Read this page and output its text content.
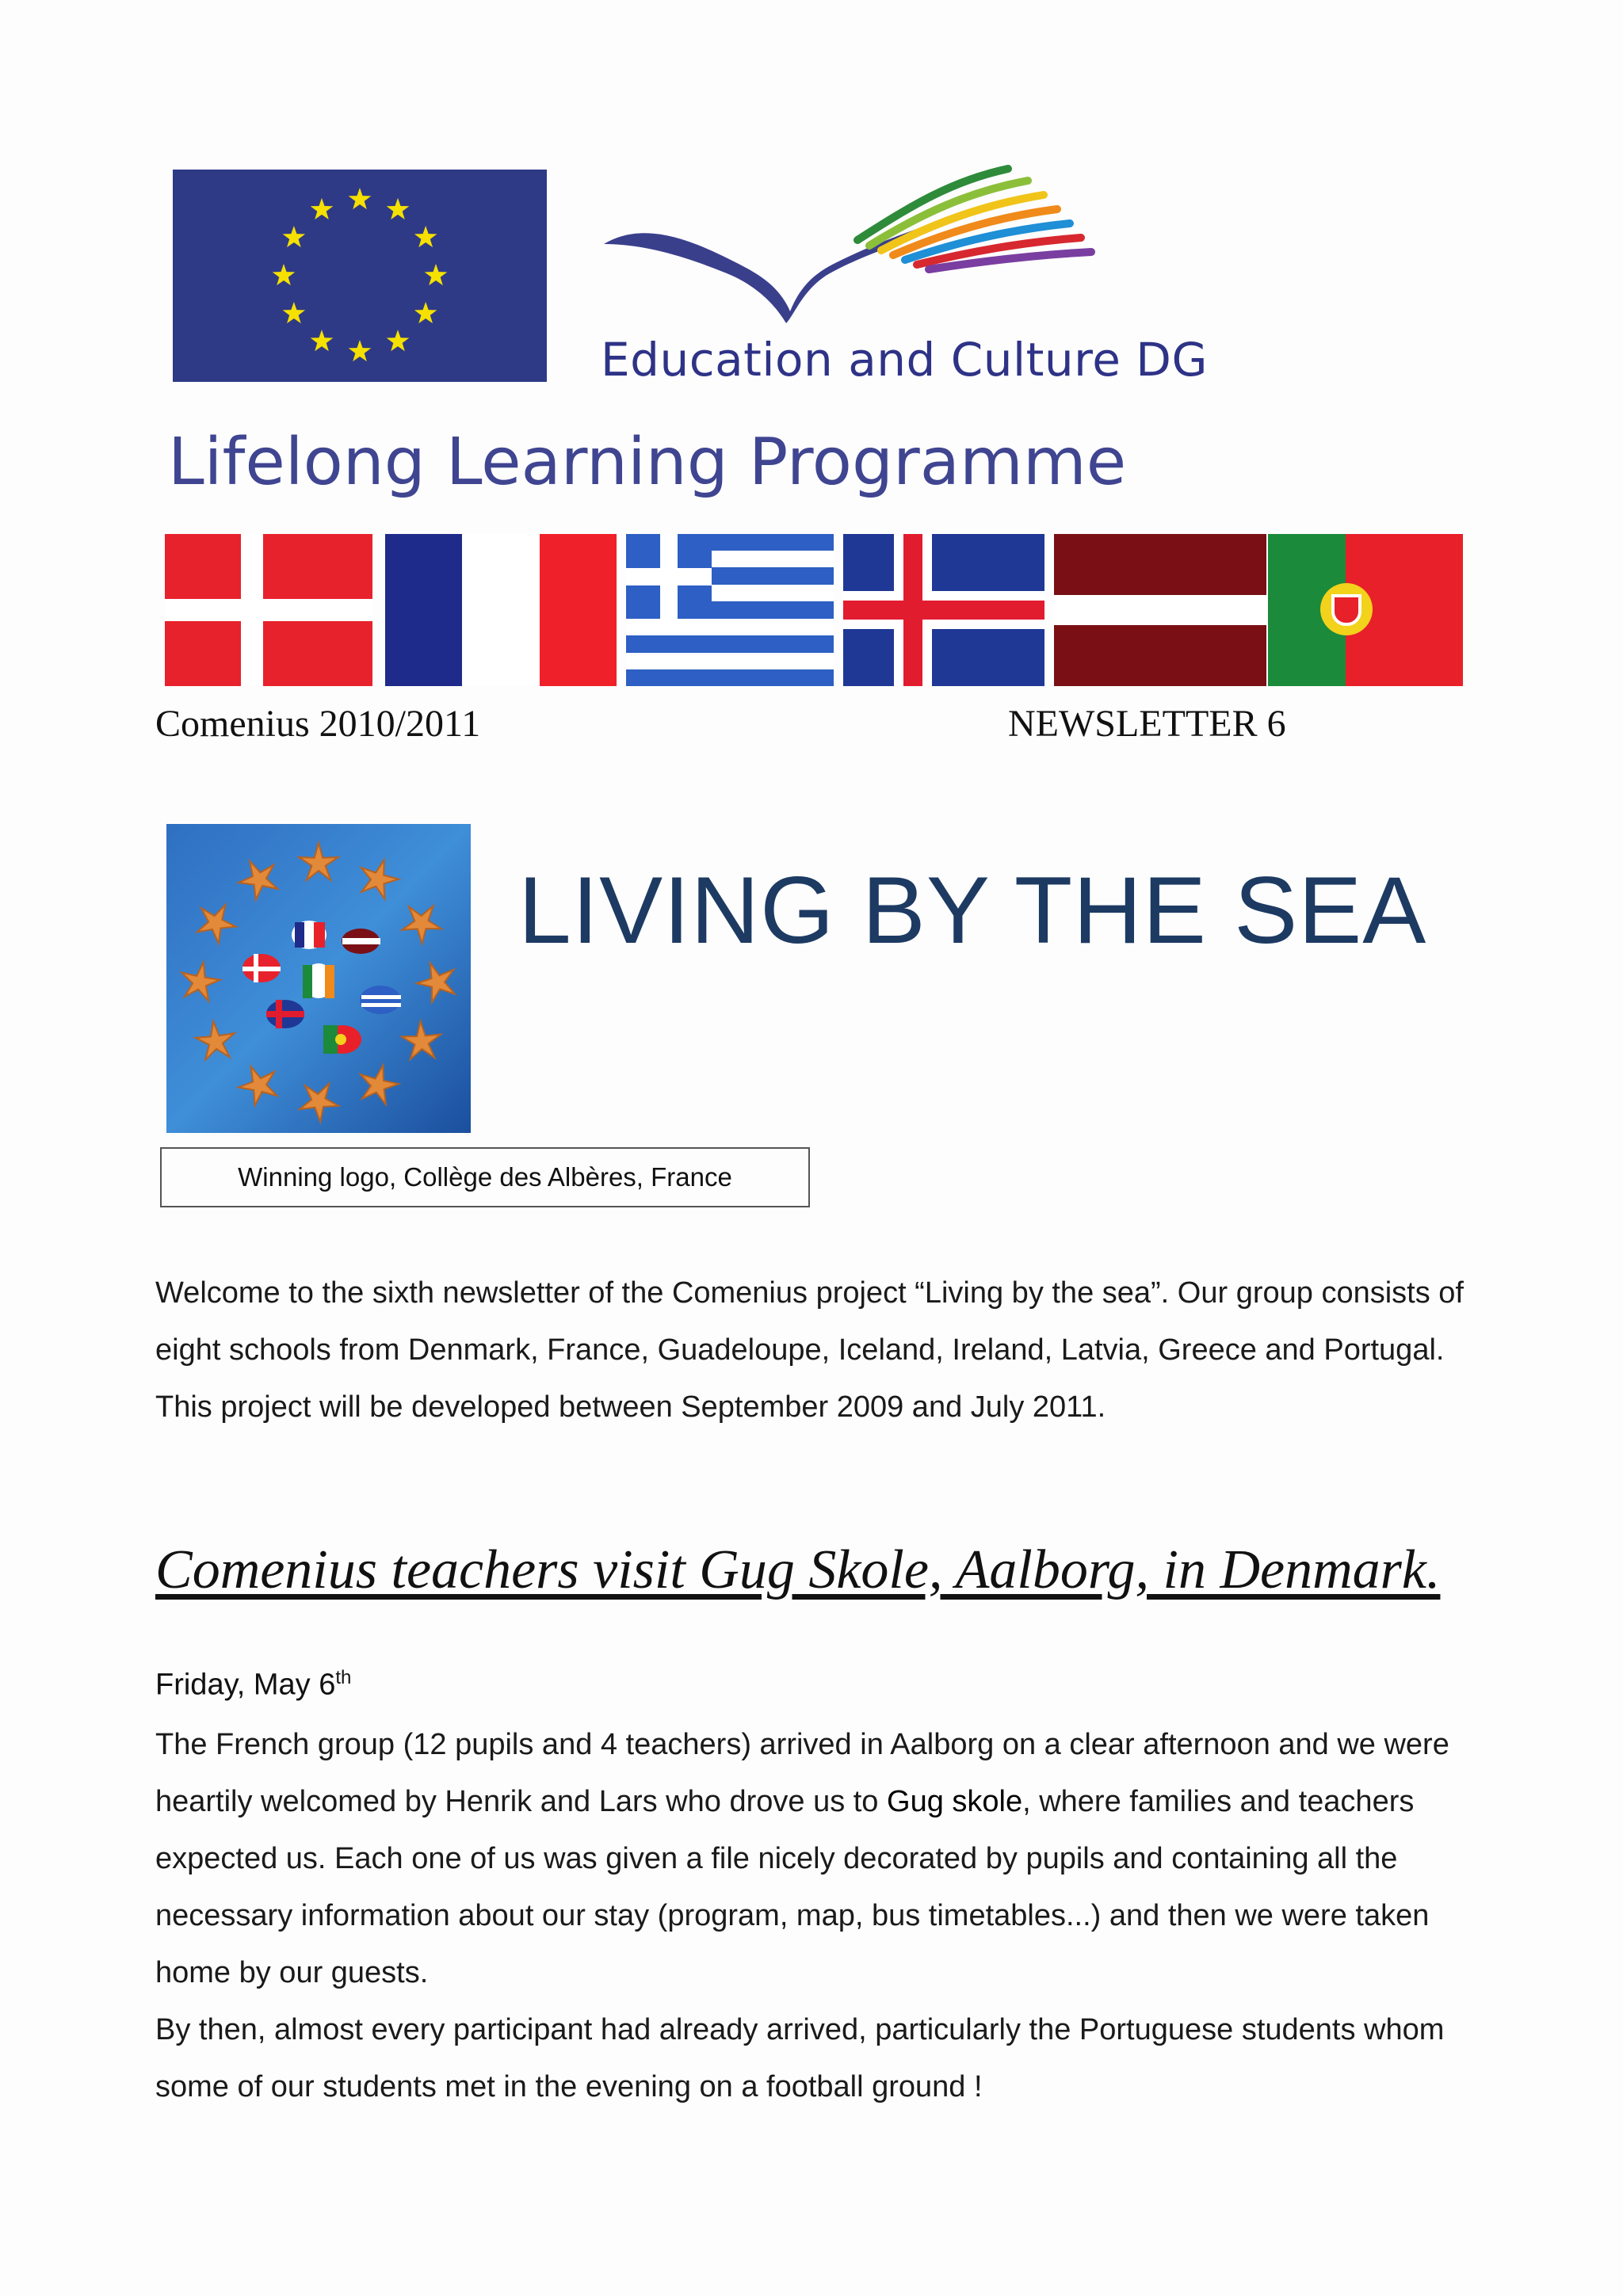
Education and Culture DG
Lifelong Learning Programme
Comenius 2010/2011	NEWSLETTER 6
LIVING BY THE SEA
Winning logo, Collège des Albères, France
Welcome to the sixth newsletter of the Comenius project “Living by the sea”. Our group consists of eight schools from Denmark, France, Guadeloupe, Iceland, Ireland, Latvia, Greece and Portugal. This project will be developed between September 2009 and July 2011.
Comenius teachers visit Gug Skole, Aalborg, in Denmark.
Friday, May 6th
The French group (12 pupils and 4 teachers) arrived in Aalborg on a clear afternoon and we were heartily welcomed by Henrik and Lars who drove us to Gug skole, where families and teachers expected us. Each one of us was given a file nicely decorated by pupils and containing all the necessary information about our stay (program, map, bus timetables...) and then we were taken home by our guests.
By then, almost every participant had already arrived, particularly the Portuguese students whom some of our students met in the evening on a football ground !
